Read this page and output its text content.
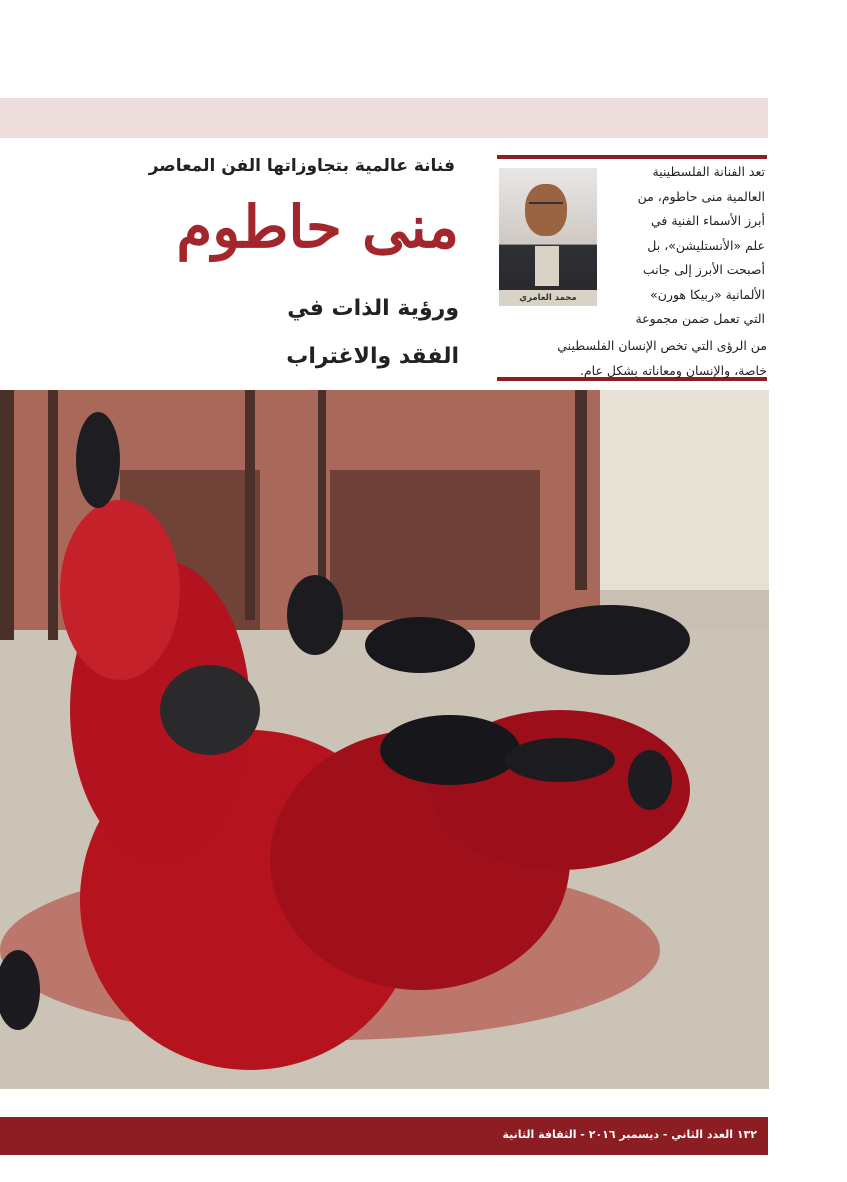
فنانة عالمية بتجاوزاتها الفن المعاصر
منى حاطوم
ورؤية الذات في
الفقد والاغتراب
تعد الفنانة الفلسطينية
العالمية منى حاطوم، من
أبرز الأسماء الفنية في
علم «الأنستليشن»، بل
أصبحت الأبرز إلى جانب
الألمانية «ربيكا هورن»
التي تعمل ضمن مجموعة
من الرؤى التي تخص الإنسان الفلسطيني
خاصة، والإنسان ومعاناته بشكل عام.
محمد العامري
١٣٢ العدد الثاني - ديسمبر ٢٠١٦ - الثقافة الثانية
